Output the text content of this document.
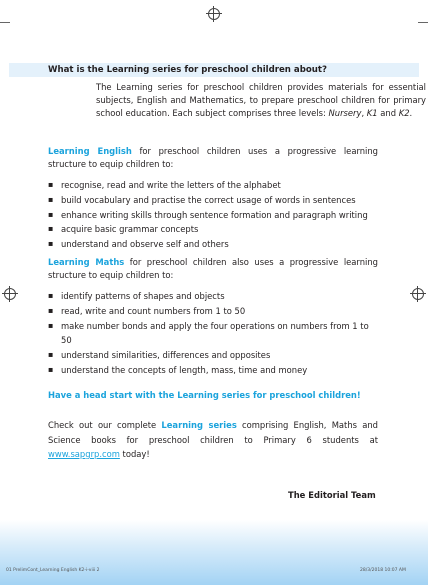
What is the Learning series for preschool children about?
The Learning series for preschool children provides materials for essential subjects, English and Mathematics, to prepare preschool children for primary school education. Each subject comprises three levels: Nursery, K1 and K2.
Learning English for preschool children uses a progressive learning structure to equip children to:
▪ recognise, read and write the letters of the alphabet
▪ build vocabulary and practise the correct usage of words in sentences
▪ enhance writing skills through sentence formation and paragraph writing
▪ acquire basic grammar concepts
▪ understand and observe self and others
Learning Maths for preschool children also uses a progressive learning structure to equip children to:
▪ identify patterns of shapes and objects
▪ read, write and count numbers from 1 to 50
▪ make number bonds and apply the four operations on numbers from 1 to 50
▪ understand similarities, differences and opposites
▪ understand the concepts of length, mass, time and money
Have a head start with the Learning series for preschool children!
Check out our complete Learning series comprising English, Maths and Science books for preschool children to Primary 6 students at www.sapgrp.com today!
The Editorial Team
01 PrelimCont_Learning English K2-i-viii 2	28/3/2018 10:07 AM
